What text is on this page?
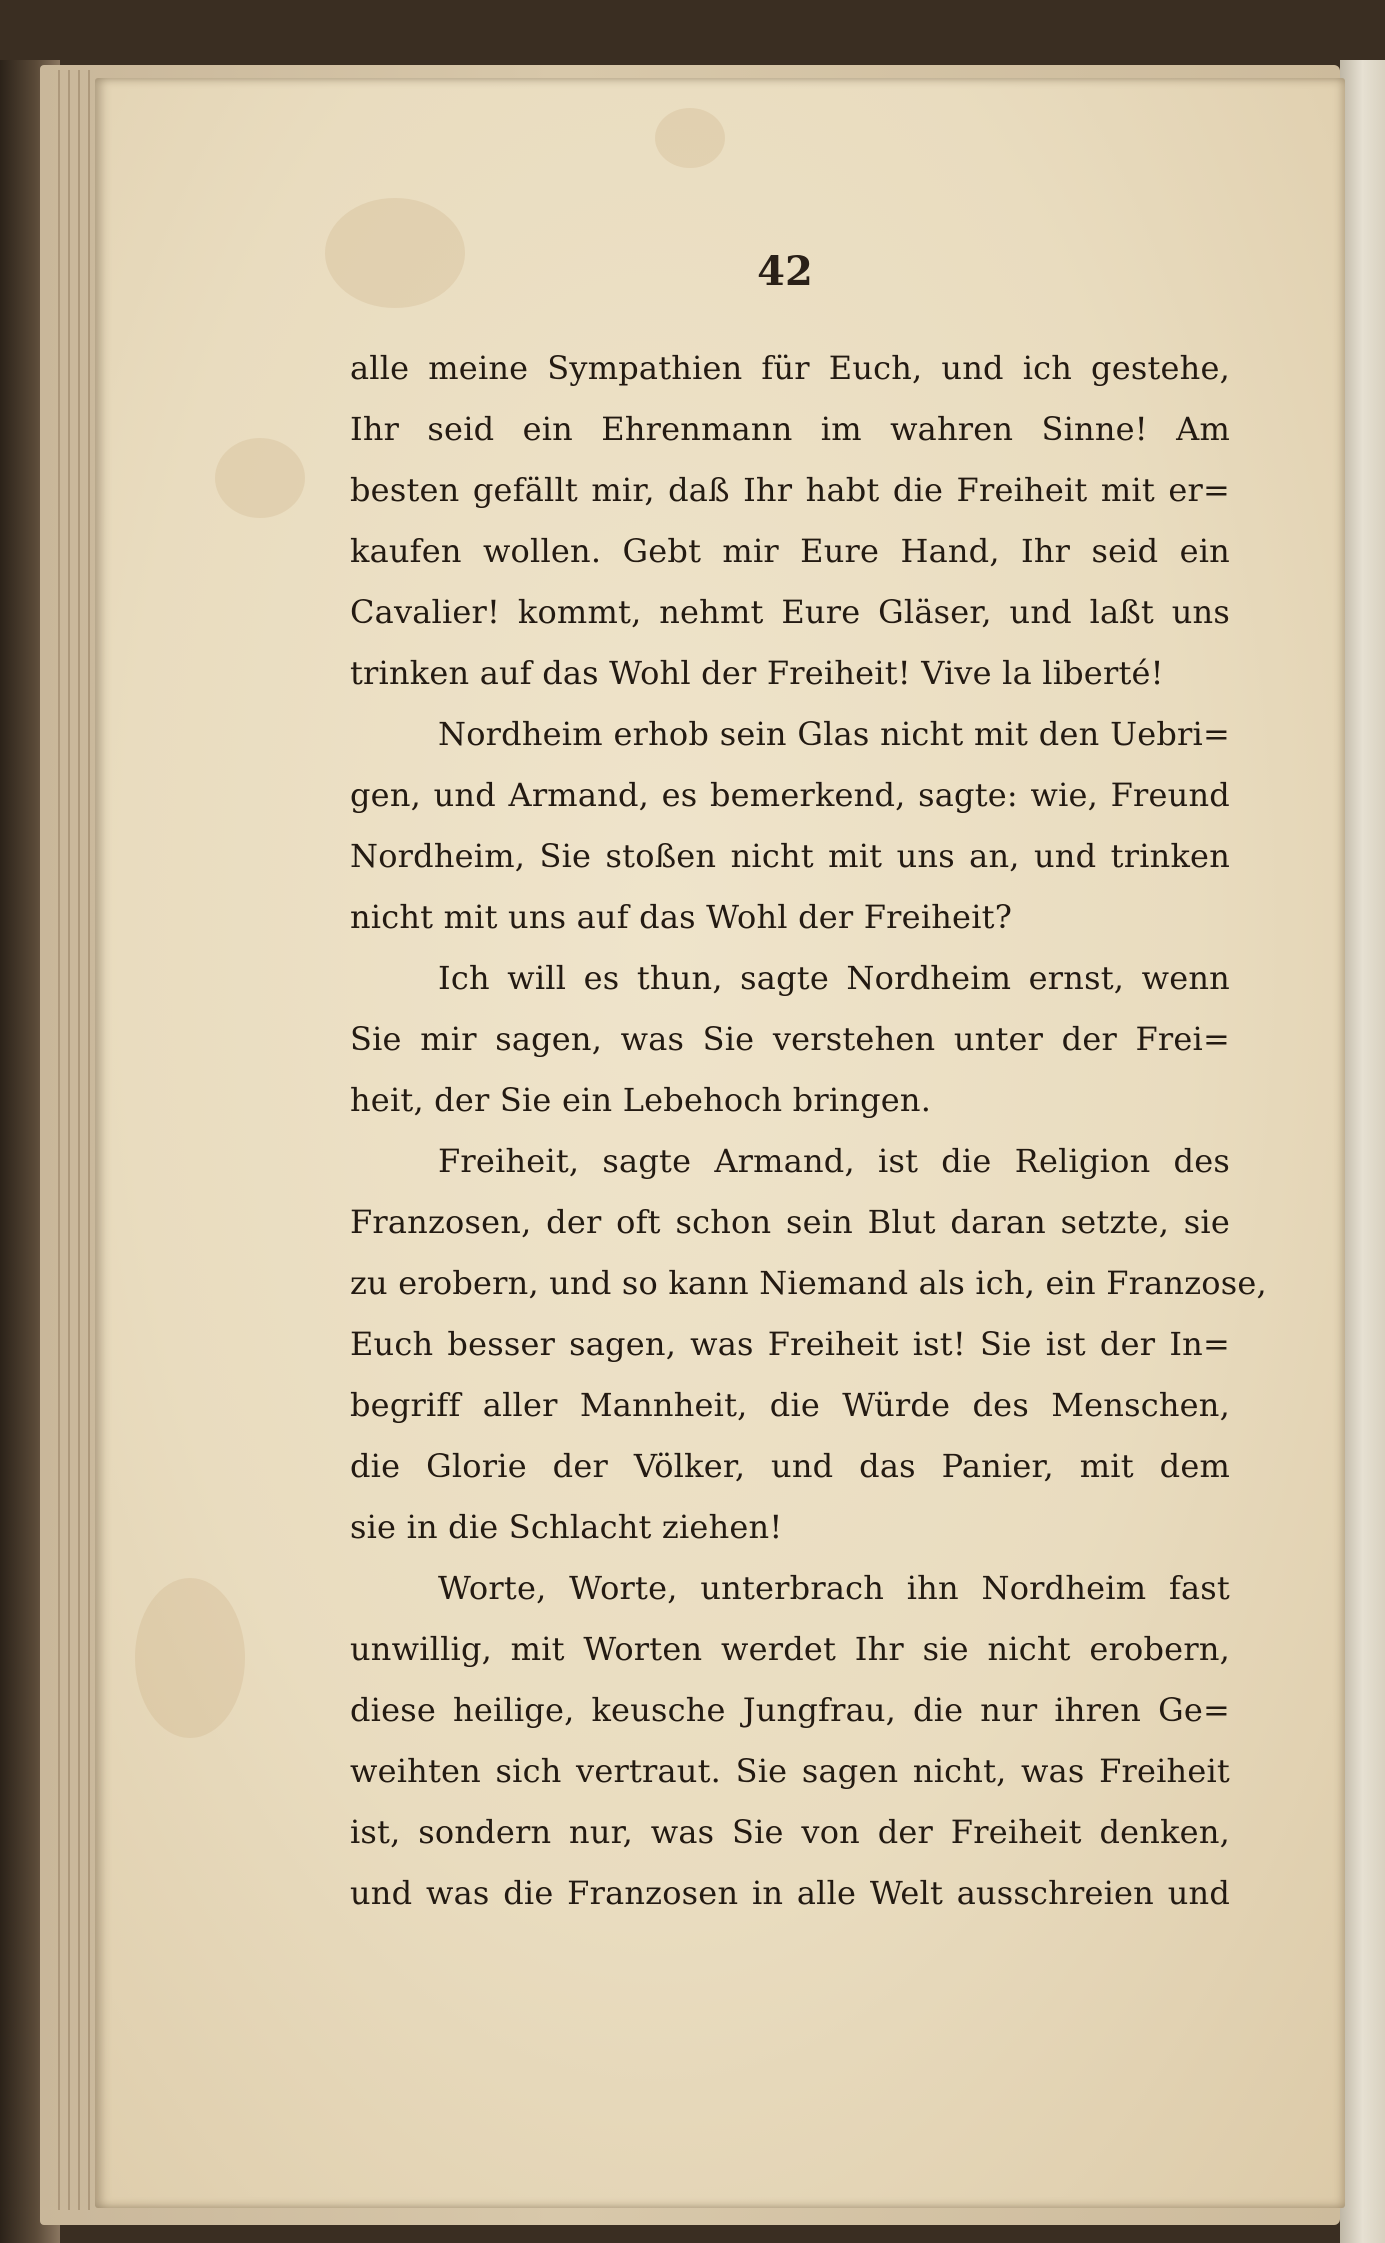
42
alle meine Sympathien für Euch, und ich gestehe,
Ihr seid ein Ehrenmann im wahren Sinne! Am
besten gefällt mir, daß Ihr habt die Freiheit mit er=
kaufen wollen. Gebt mir Eure Hand, Ihr seid ein
Cavalier! kommt, nehmt Eure Gläser, und laßt uns
trinken auf das Wohl der Freiheit! Vive la liberté!
Nordheim erhob sein Glas nicht mit den Uebri=
gen, und Armand, es bemerkend, sagte: wie, Freund
Nordheim, Sie stoßen nicht mit uns an, und trinken
nicht mit uns auf das Wohl der Freiheit?
Ich will es thun, sagte Nordheim ernst, wenn
Sie mir sagen, was Sie verstehen unter der Frei=
heit, der Sie ein Lebehoch bringen.
Freiheit, sagte Armand, ist die Religion des
Franzosen, der oft schon sein Blut daran setzte, sie
zu erobern, und so kann Niemand als ich, ein Franzose,
Euch besser sagen, was Freiheit ist! Sie ist der In=
begriff aller Mannheit, die Würde des Menschen,
die Glorie der Völker, und das Panier, mit dem
sie in die Schlacht ziehen!
Worte, Worte, unterbrach ihn Nordheim fast
unwillig, mit Worten werdet Ihr sie nicht erobern,
diese heilige, keusche Jungfrau, die nur ihren Ge=
weihten sich vertraut. Sie sagen nicht, was Freiheit
ist, sondern nur, was Sie von der Freiheit denken,
und was die Franzosen in alle Welt ausschreien und
